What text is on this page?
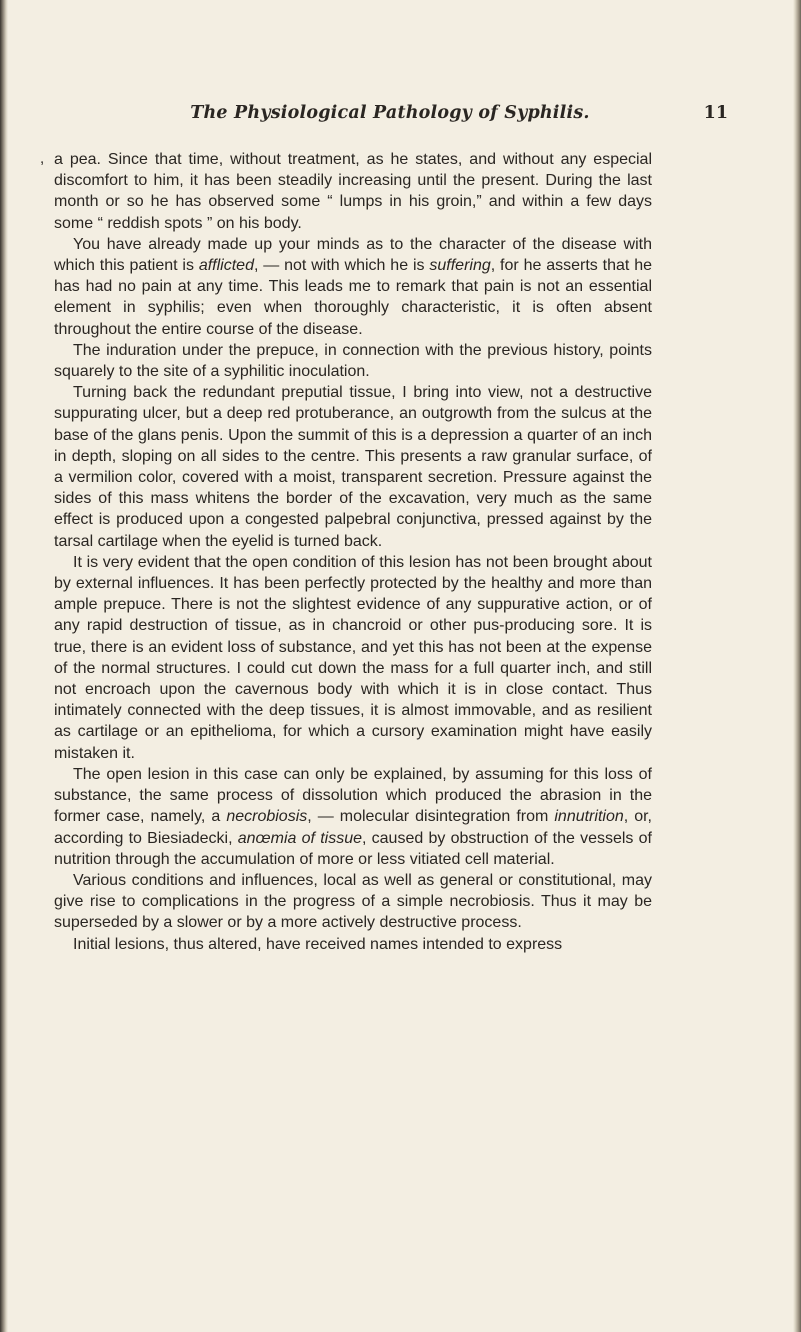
The Physiological Pathology of Syphilis.	11
, a pea. Since that time, without treatment, as he states, and without any especial discomfort to him, it has been steadily increasing until the present. During the last month or so he has observed some “ lumps in his groin,” and within a few days some “ reddish spots ” on his body.

You have already made up your minds as to the character of the disease with which this patient is afflicted, — not with which he is suffering, for he asserts that he has had no pain at any time. This leads me to remark that pain is not an essential element in syphilis; even when thoroughly characteristic, it is often absent throughout the entire course of the disease.

The induration under the prepuce, in connection with the previous history, points squarely to the site of a syphilitic inoculation.

Turning back the redundant preputial tissue, I bring into view, not a destructive suppurating ulcer, but a deep red protuberance, an outgrowth from the sulcus at the base of the glans penis. Upon the summit of this is a depression a quarter of an inch in depth, sloping on all sides to the centre. This presents a raw granular surface, of a vermilion color, covered with a moist, transparent secretion. Pressure against the sides of this mass whitens the border of the excavation, very much as the same effect is produced upon a congested palpebral conjunctiva, pressed against by the tarsal cartilage when the eyelid is turned back.

It is very evident that the open condition of this lesion has not been brought about by external influences. It has been perfectly protected by the healthy and more than ample prepuce. There is not the slightest evidence of any suppurative action, or of any rapid destruction of tissue, as in chancroid or other pus-producing sore. It is true, there is an evident loss of substance, and yet this has not been at the expense of the normal structures. I could cut down the mass for a full quarter inch, and still not encroach upon the cavernous body with which it is in close contact. Thus intimately connected with the deep tissues, it is almost immovable, and as resilient as cartilage or an epithelioma, for which a cursory examination might have easily mistaken it.

The open lesion in this case can only be explained, by assuming for this loss of substance, the same process of dissolution which produced the abrasion in the former case, namely, a necrobiosis, — molecular disintegration from innutrition, or, according to Biesiadecki, anœmia of tissue, caused by obstruction of the vessels of nutrition through the accumulation of more or less vitiated cell material.

Various conditions and influences, local as well as general or constitutional, may give rise to complications in the progress of a simple necrobiosis. Thus it may be superseded by a slower or by a more actively destructive process.

Initial lesions, thus altered, have received names intended to express
